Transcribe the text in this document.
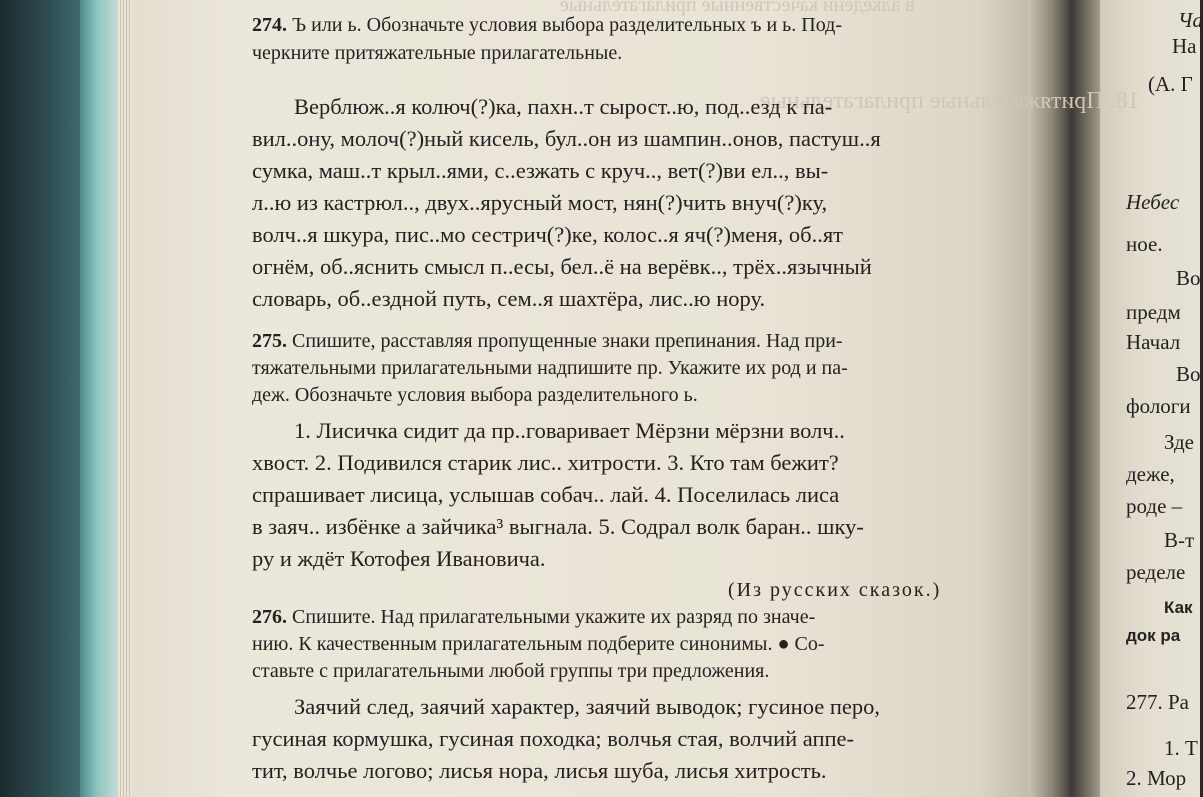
в алкедени качественные прилагательные
18. Притяжательные прилагательные
274. Ъ или ь. Обозначьте условия выбора разделительных ъ и ь. Под-
черкните притяжательные прилагательные.
Верблюж..я колюч(?)ка, пахн..т сырост..ю, под..езд к па-
вил..ону, молоч(?)ный кисель, бул..он из шампин..онов, пастуш..я
сумка, маш..т крыл..ями, с..езжать с круч.., вет(?)ви ел.., вы-
л..ю из кастрюл.., двух..ярусный мост, нян(?)чить внуч(?)ку,
волч..я шкура, пис..мо сестрич(?)ке, колос..я яч(?)меня, об..ят
огнём, об..яснить смысл п..есы, бел..ё на верёвк.., трёх..язычный
словарь, об..ездной путь, сем..я шахтёра, лис..ю нору.
275. Спишите, расставляя пропущенные знаки препинания. Над при-
тяжательными прилагательными надпишите пр. Укажите их род и па-
деж. Обозначьте условия выбора разделительного ь.
1. Лисичка сидит да пр..говаривает Мёрзни мёрзни волч..
хвост. 2. Подивился старик лис.. хитрости. 3. Кто там бежит?
спрашивает лисица, услышав собач.. лай. 4. Поселилась лиса
в заяч.. избёнке а зайчика³ выгнала. 5. Содрал волк баран.. шку-
ру и ждёт Котофея Ивановича.
(Из русских сказок.)
276. Спишите. Над прилагательными укажите их разряд по значе-
нию. К качественным прилагательным подберите синонимы. ● Со-
ставьте с прилагательными любой группы три предложения.
Заячий след, заячий характер, заячий выводок; гусиное перо,
гусиная кормушка, гусиная походка; волчья стая, волчий аппе-
тит, волчье логово; лисья нора, лисья шуба, лисья хитрость.
На
Ча
(А. Г
Небес
ное.
Во
предм
Начал
Во
фологи
Зде
деже,
роде –
В-т
ределе
Как
док ра
277. Ра
1. Т
2. Мор
